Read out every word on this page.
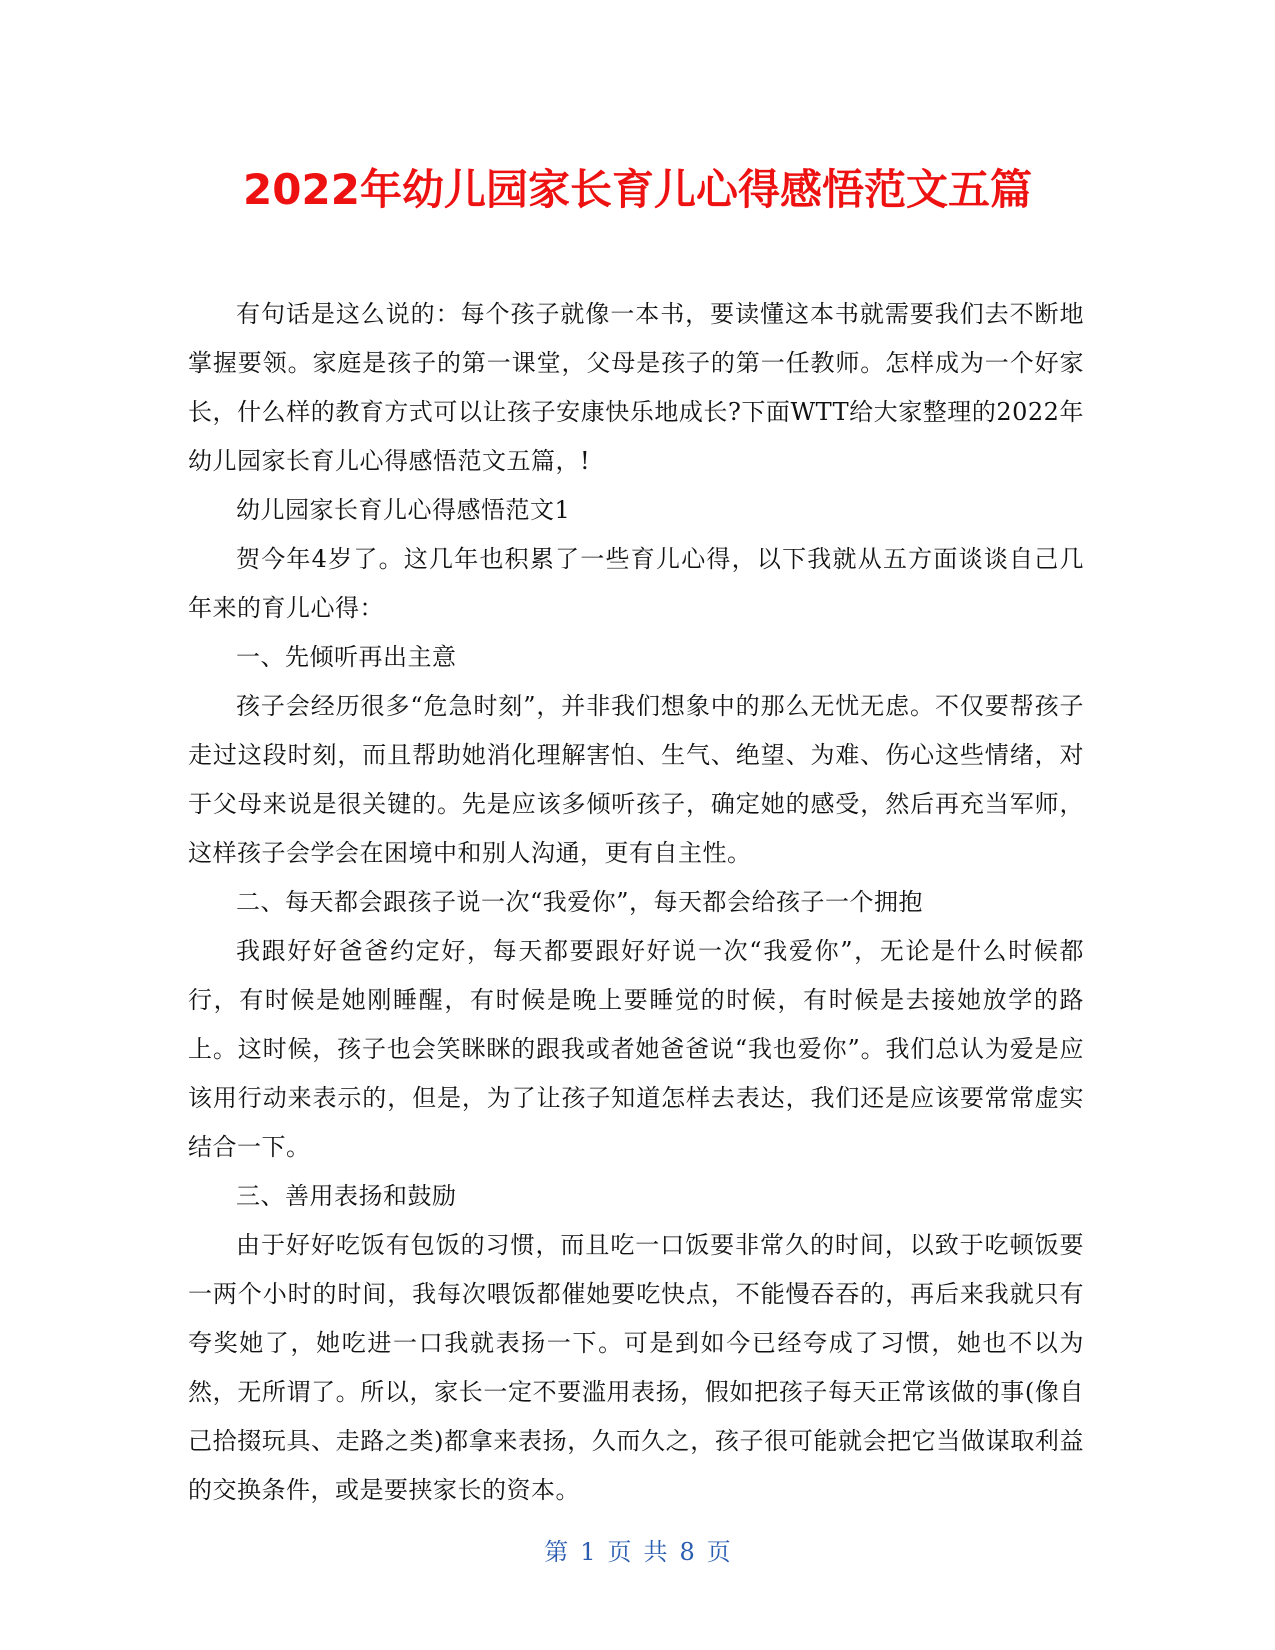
2022年幼儿园家长育儿心得感悟范文五篇

有句话是这么说的：每个孩子就像一本书，要读懂这本书就需要我们去不断地掌握要领。家庭是孩子的第一课堂，父母是孩子的第一任教师。怎样成为一个好家长，什么样的教育方式可以让孩子安康快乐地成长?下面WTT给大家整理的2022年幼儿园家长育儿心得感悟范文五篇，!

幼儿园家长育儿心得感悟范文1

贺今年4岁了。这几年也积累了一些育儿心得，以下我就从五方面谈谈自己几年来的育儿心得：

一、先倾听再出主意

孩子会经历很多“危急时刻”，并非我们想象中的那么无忧无虑。不仅要帮孩子走过这段时刻，而且帮助她消化理解害怕、生气、绝望、为难、伤心这些情绪，对于父母来说是很关键的。先是应该多倾听孩子，确定她的感受，然后再充当军师，这样孩子会学会在困境中和别人沟通，更有自主性。

二、每天都会跟孩子说一次“我爱你”，每天都会给孩子一个拥抱

我跟好好爸爸约定好，每天都要跟好好说一次“我爱你”，无论是什么时候都行，有时候是她刚睡醒，有时候是晚上要睡觉的时候，有时候是去接她放学的路上。这时候，孩子也会笑眯眯的跟我或者她爸爸说“我也爱你”。我们总认为爱是应该用行动来表示的，但是，为了让孩子知道怎样去表达，我们还是应该要常常虚实结合一下。

三、善用表扬和鼓励

由于好好吃饭有包饭的习惯，而且吃一口饭要非常久的时间，以致于吃顿饭要一两个小时的时间，我每次喂饭都催她要吃快点，不能慢吞吞的，再后来我就只有夸奖她了，她吃进一口我就表扬一下。可是到如今已经夸成了习惯，她也不以为然，无所谓了。所以，家长一定不要滥用表扬，假如把孩子每天正常该做的事(像自己拾掇玩具、走路之类)都拿来表扬，久而久之，孩子很可能就会把它当做谋取利益的交换条件，或是要挟家长的资本。

第 1 页 共 8 页
